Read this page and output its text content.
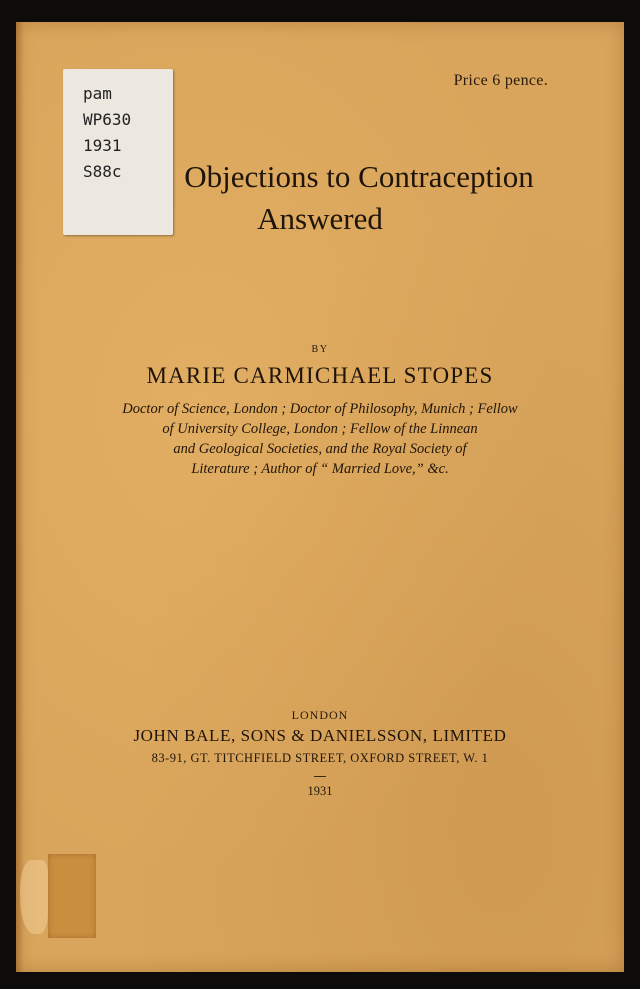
Price 6 pence.
pam
WP630
1931
S88c	Objections to Contraception
Answered
BY
MARIE CARMICHAEL STOPES
Doctor of Science, London ; Doctor of Philosophy, Munich ; Fellow
of University College, London ; Fellow of the Linnean
and Geological Societies, and the Royal Society of
Literature ; Author of “ Married Love,” &c.
LONDON
JOHN BALE, SONS & DANIELSSON, LIMITED
83-91, GT. TITCHFIELD STREET, OXFORD STREET, W. 1
1931
